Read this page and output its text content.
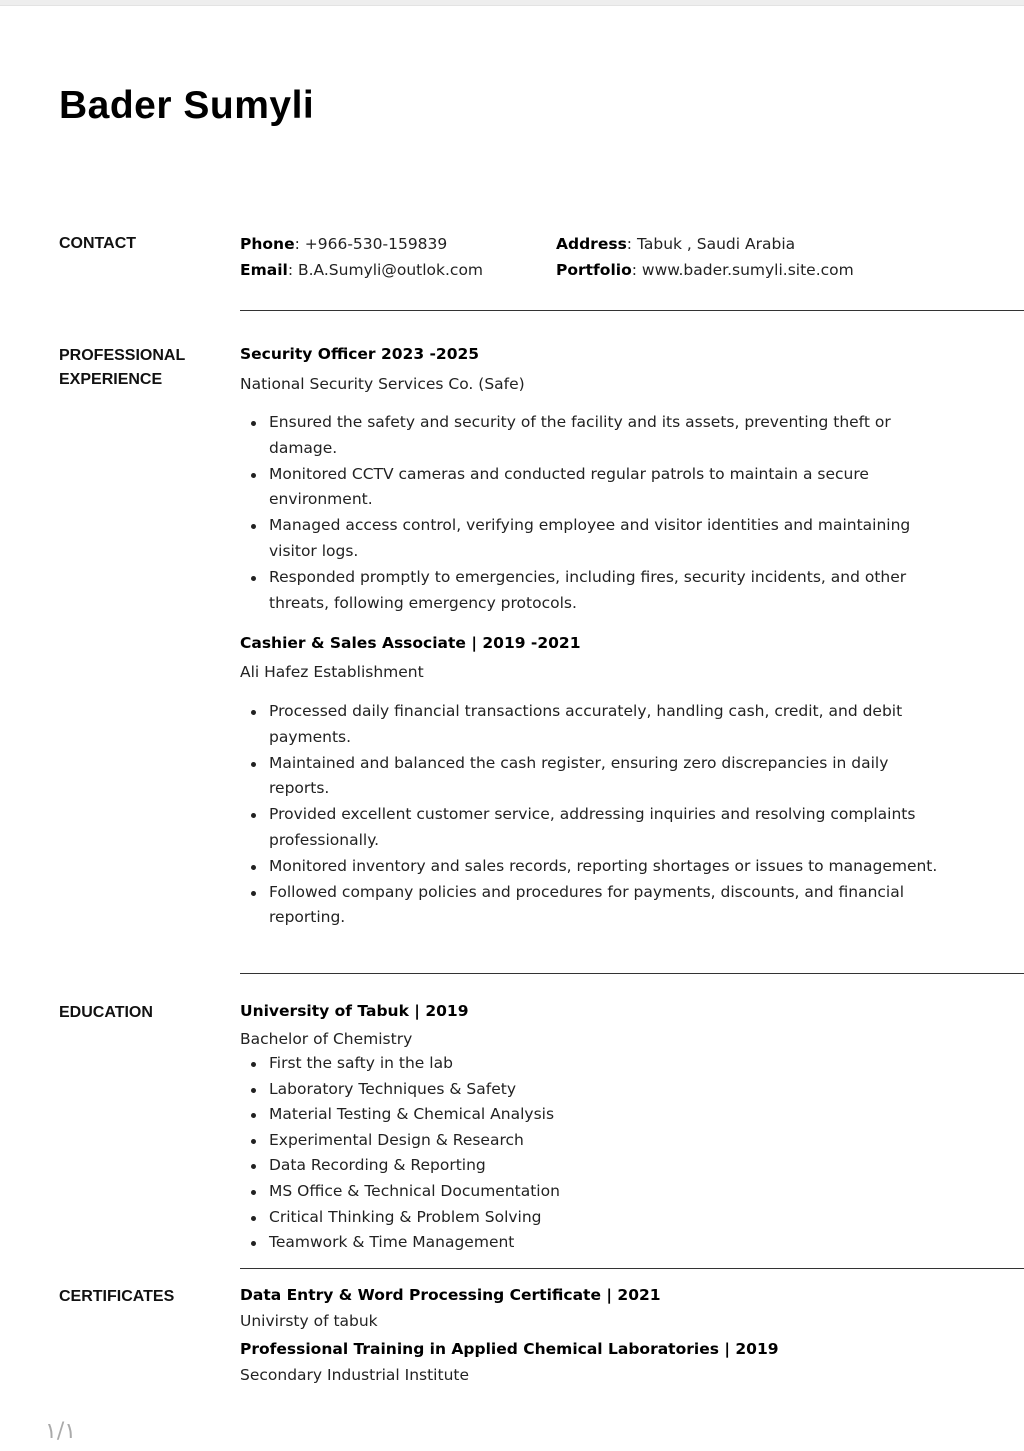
Bader Sumyli
CONTACT	Phone: +966-530-159839
Email: B.A.Sumyli@outlok.com
Address: Tabuk , Saudi Arabia
Portfolio: www.bader.sumyli.site.com
PROFESSIONAL
EXPERIENCE
Security Officer 2023 -2025
National Security Services Co. (Safe)
Ensured the safety and security of the facility and its assets, preventing theft or damage.
Monitored CCTV cameras and conducted regular patrols to maintain a secure environment.
Managed access control, verifying employee and visitor identities and maintaining visitor logs.
Responded promptly to emergencies, including fires, security incidents, and other threats, following emergency protocols.
Cashier & Sales Associate | 2019 -2021
Ali Hafez Establishment
Processed daily financial transactions accurately, handling cash, credit, and debit payments.
Maintained and balanced the cash register, ensuring zero discrepancies in daily reports.
Provided excellent customer service, addressing inquiries and resolving complaints professionally.
Monitored inventory and sales records, reporting shortages or issues to management.
Followed company policies and procedures for payments, discounts, and financial reporting.
EDUCATION	University of Tabuk | 2019
Bachelor of Chemistry
First the safty in the lab
Laboratory Techniques & Safety
Material Testing & Chemical Analysis
Experimental Design & Research
Data Recording & Reporting
MS Office & Technical Documentation
Critical Thinking & Problem Solving
Teamwork & Time Management
CERTIFICATES	Data Entry & Word Processing Certificate | 2021
Univirsty of tabuk
Professional Training in Applied Chemical Laboratories | 2019
Secondary Industrial Institute
١/١
